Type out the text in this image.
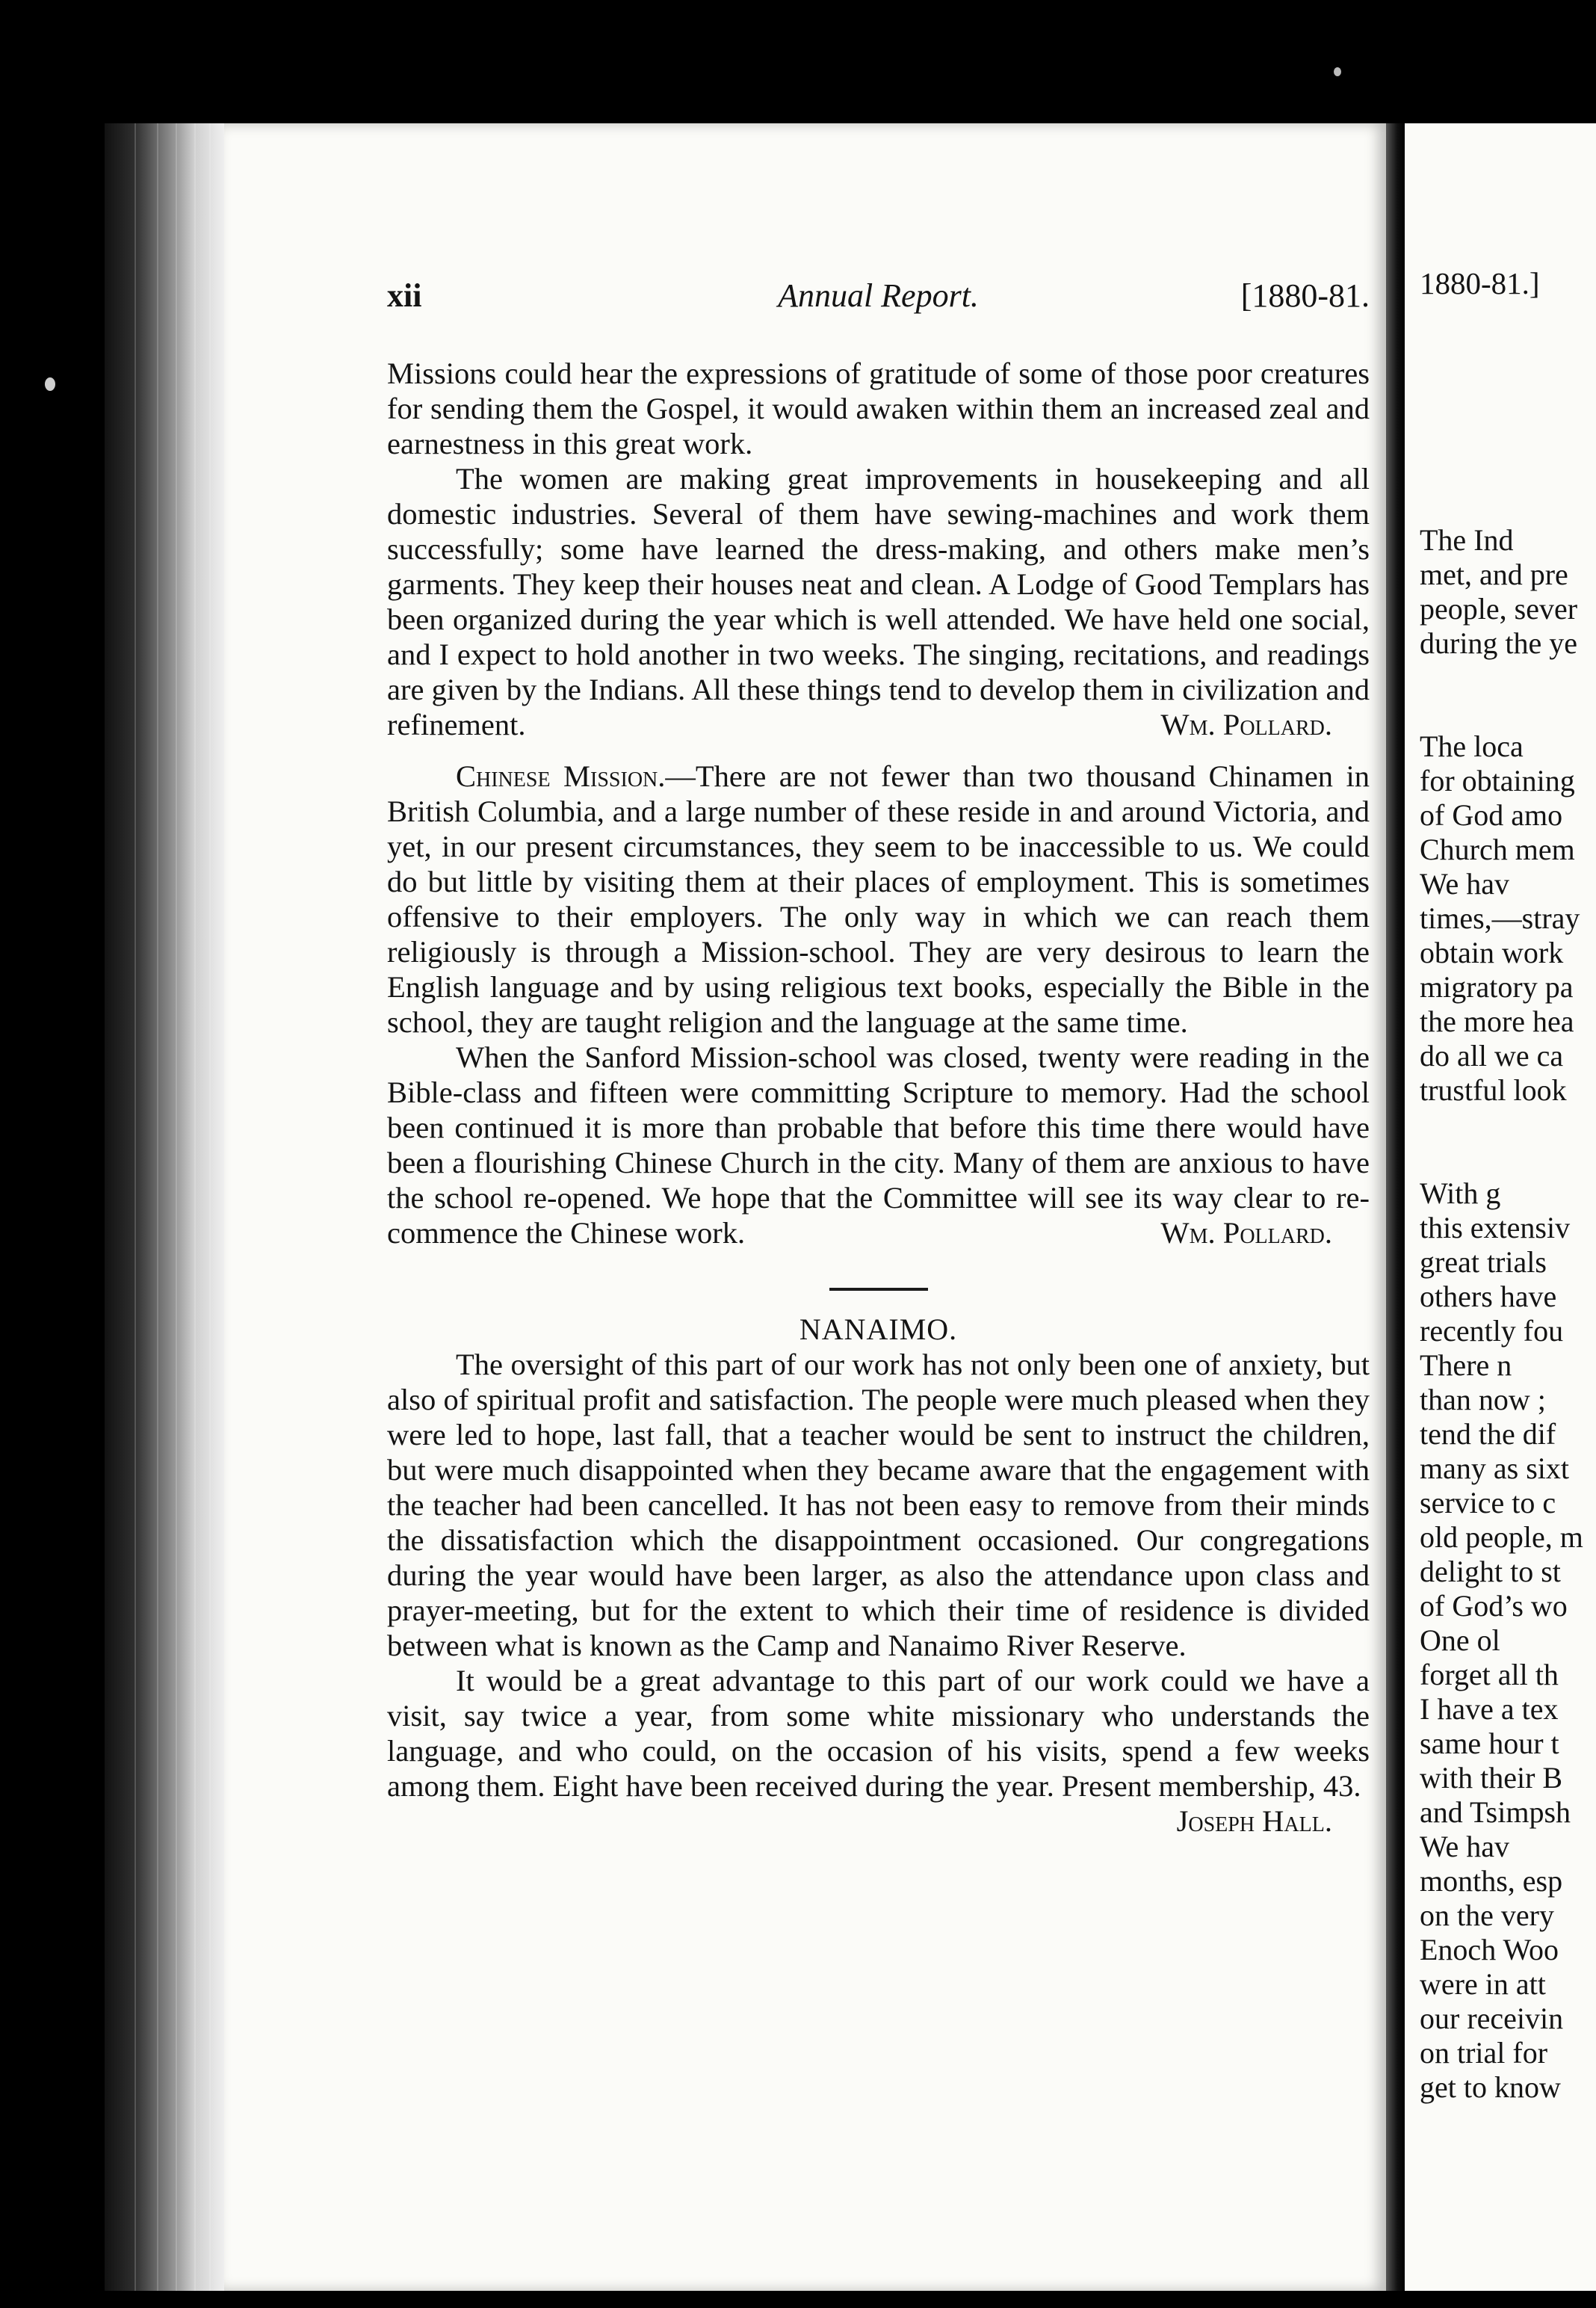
xii	Annual Report.	[1880-81.

Missions could hear the expressions of gratitude of some of those poor creatures for sending them the Gospel, it would awaken within them an increased zeal and earnestness in this great work.

The women are making great improvements in housekeeping and all domestic industries. Several of them have sewing-machines and work them successfully; some have learned the dress-making, and others make men’s garments. They keep their houses neat and clean. A Lodge of Good Templars has been organized during the year which is well attended. We have held one social, and I expect to hold another in two weeks. The singing, recitations, and readings are given by the Indians. All these things tend to develop them in civilization and refinement.	Wm. Pollard.

Chinese Mission.—There are not fewer than two thousand Chinamen in British Columbia, and a large number of these reside in and around Victoria, and yet, in our present circumstances, they seem to be inaccessible to us. We could do but little by visiting them at their places of employment. This is sometimes offensive to their employers. The only way in which we can reach them religiously is through a Mission-school. They are very desirous to learn the English language and by using religious text books, especially the Bible in the school, they are taught religion and the language at the same time.

When the Sanford Mission-school was closed, twenty were reading in the Bible-class and fifteen were committing Scripture to memory. Had the school been continued it is more than probable that before this time there would have been a flourishing Chinese Church in the city. Many of them are anxious to have the school re-opened. We hope that the Committee will see its way clear to re-commence the Chinese work.	Wm. Pollard.

NANAIMO.

The oversight of this part of our work has not only been one of anxiety, but also of spiritual profit and satisfaction. The people were much pleased when they were led to hope, last fall, that a teacher would be sent to instruct the children, but were much disappointed when they became aware that the engagement with the teacher had been cancelled. It has not been easy to remove from their minds the dissatisfaction which the disappointment occasioned. Our congregations during the year would have been larger, as also the attendance upon class and prayer-meeting, but for the extent to which their time of residence is divided between what is known as the Camp and Nanaimo River Reserve.

It would be a great advantage to this part of our work could we have a visit, say twice a year, from some white missionary who understands the language, and who could, on the occasion of his visits, spend a few weeks among them. Eight have been received during the year. Present membership, 43.
Joseph Hall.

1880-81.]
The Ind
met, and pre
people, sever
during the ye
The loca
for obtaining
of God amo
Church mem
We hav
times,—stray
obtain work
migratory pa
the more hea
do all we ca
trustful look
With g
this extensiv
great trials
others have
recently fou
There n
than now ;
tend the dif
many as sixt
service to c
old people, m
delight to st
of God’s wo
One ol
forget all th
I have a tex
same hour t
with their B
and Tsimpsh
We hav
months, esp
on the very
Enoch Woo
were in att
our receivin
on trial for
get to know
